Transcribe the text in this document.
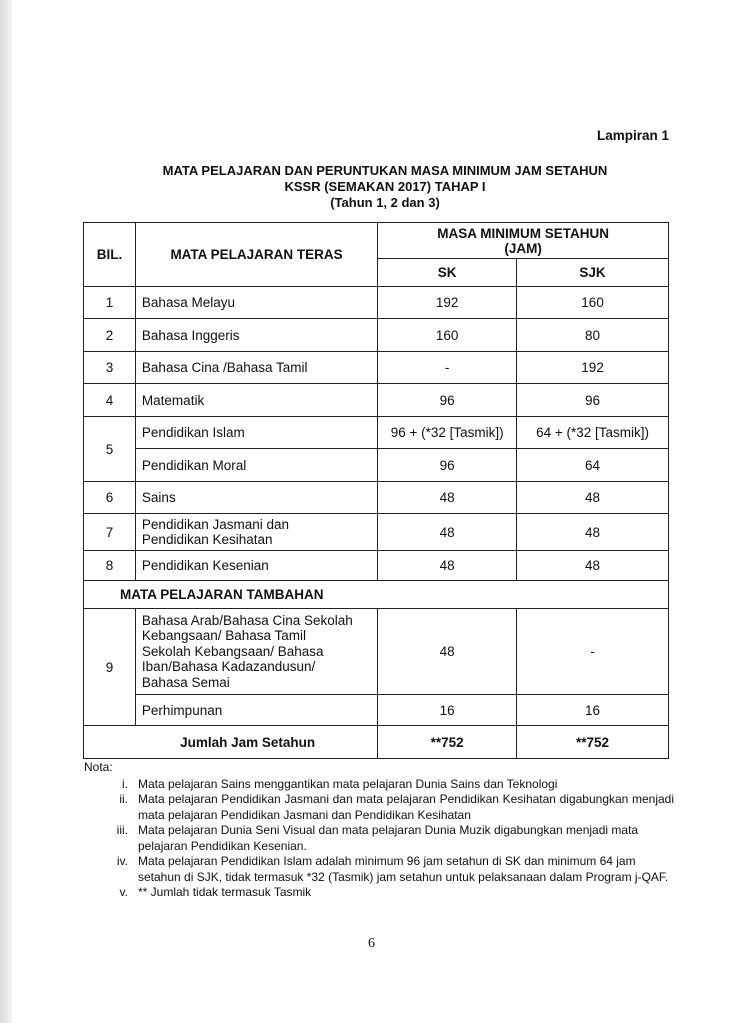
Lampiran 1
MATA PELAJARAN DAN PERUNTUKAN MASA MINIMUM JAM SETAHUN
KSSR (SEMAKAN 2017) TAHAP I
(Tahun 1, 2 dan 3)
BIL.	MATA PELAJARAN TERAS	MASA MINIMUM SETAHUN
(JAM)	

		SK	SJK
1	Bahasa Melayu	192	160
2	Bahasa Inggeris	160	80
3	Bahasa Cina /Bahasa Tamil	-	192
4	Matematik	96	96
5	Pendidikan Islam	96 + (*32 [Tasmik])	64 + (*32 [Tasmik])
	Pendidikan Moral	96	64
6	Sains	48	48
7	Pendidikan Jasmani dan
Pendidikan Kesihatan	48	48
8	Pendidikan Kesenian	48	48
MATA PELAJARAN TAMBAHAN			
9	Bahasa Arab/Bahasa Cina Sekolah
Kebangsaan/ Bahasa Tamil
Sekolah Kebangsaan/ Bahasa
Iban/Bahasa Kadazandusun/
Bahasa Semai	48	-
	Perhimpunan	16	16
Jumlah Jam Setahun		**752	**752
Nota:
i. Mata pelajaran Sains menggantikan mata pelajaran Dunia Sains dan Teknologi
ii. Mata pelajaran Pendidikan Jasmani dan mata pelajaran Pendidikan Kesihatan digabungkan menjadi mata pelajaran Pendidikan Jasmani dan Pendidikan Kesihatan
iii. Mata pelajaran Dunia Seni Visual dan mata pelajaran Dunia Muzik digabungkan menjadi mata pelajaran Pendidikan Kesenian.
iv. Mata pelajaran Pendidikan Islam adalah minimum 96 jam setahun di SK dan minimum 64 jam setahun di SJK, tidak termasuk *32 (Tasmik) jam setahun untuk pelaksanaan dalam Program j-QAF.
v. ** Jumlah tidak termasuk Tasmik
6
